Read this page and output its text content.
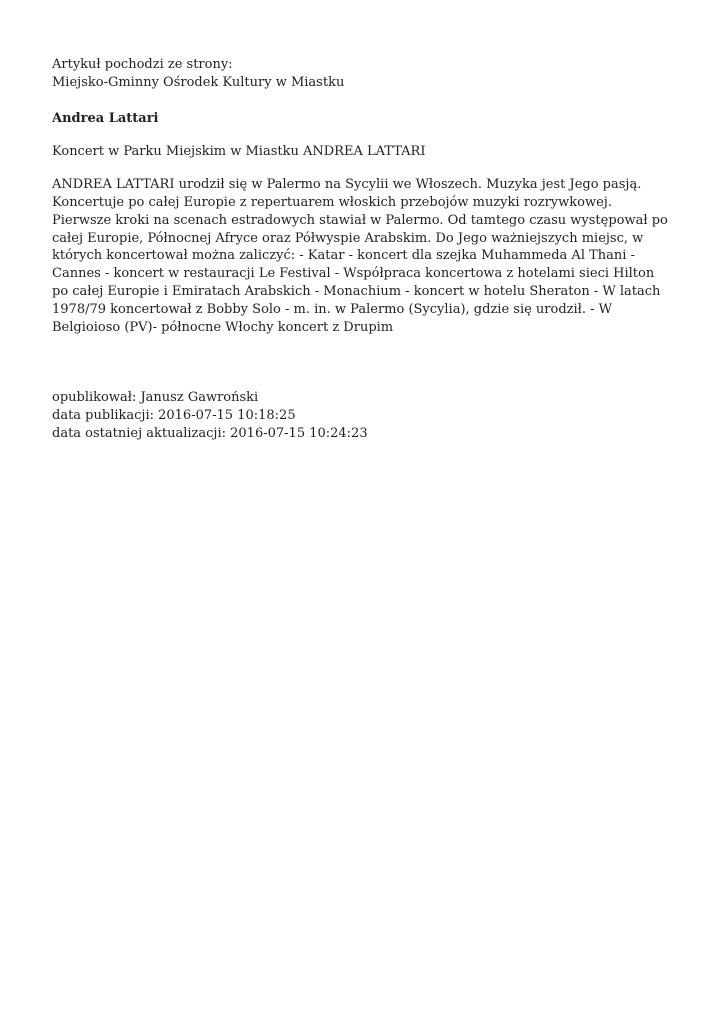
Artykuł pochodzi ze strony:
Miejsko-Gminny Ośrodek Kultury w Miastku
Andrea Lattari
Koncert w Parku Miejskim w Miastku ANDREA LATTARI
ANDREA LATTARI urodził się w Palermo na Sycylii we Włoszech. Muzyka jest Jego pasją. Koncertuje po całej Europie z repertuarem włoskich przebojów muzyki rozrywkowej. Pierwsze kroki na scenach estradowych stawiał w Palermo. Od tamtego czasu występował po całej Europie, Północnej Afryce oraz Półwyspie Arabskim. Do Jego ważniejszych miejsc, w których koncertował można zaliczyć: - Katar - koncert dla szejka Muhammeda Al Thani - Cannes - koncert w restauracji Le Festival - Współpraca koncertowa z hotelami sieci Hilton po całej Europie i Emiratach Arabskich - Monachium - koncert w hotelu Sheraton - W latach 1978/79 koncertował z Bobby Solo - m. in. w Palermo (Sycylia), gdzie się urodził. - W Belgioioso (PV)- północne Włochy koncert z Drupim
opublikował: Janusz Gawroński
data publikacji: 2016-07-15 10:18:25
data ostatniej aktualizacji: 2016-07-15 10:24:23
